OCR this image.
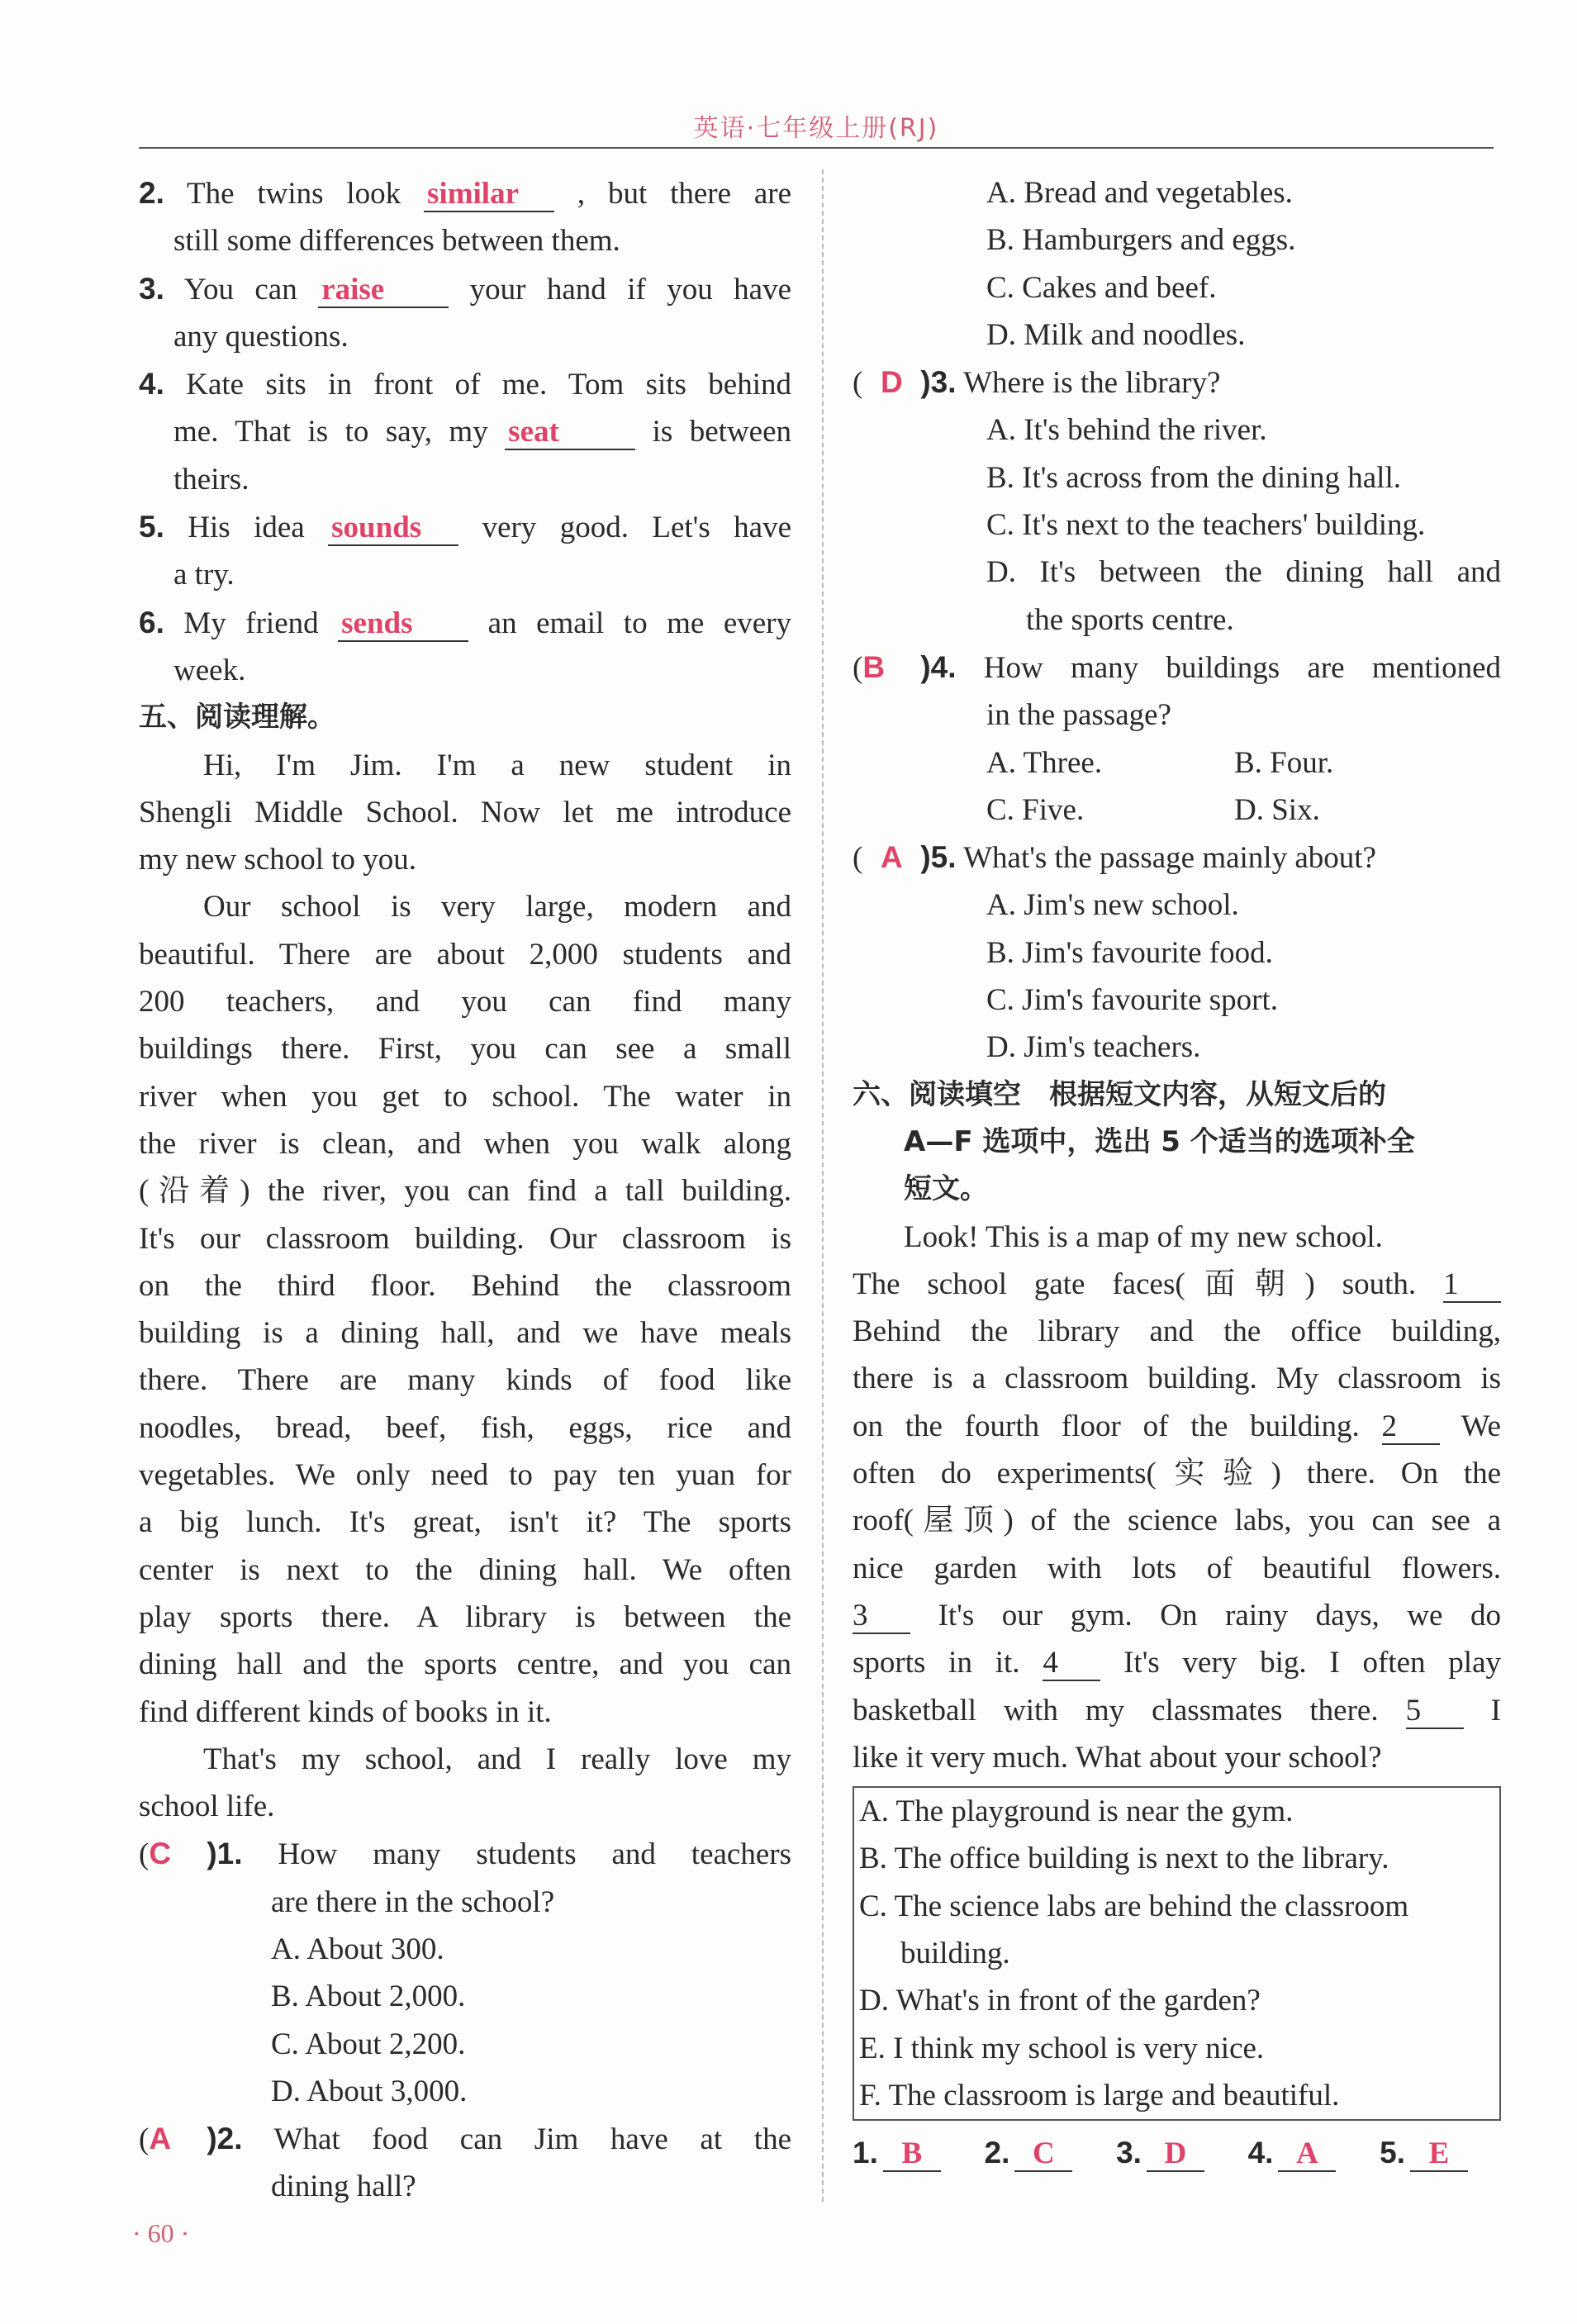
英语·七年级上册(RJ)
2. The twins look similar , but there are
still some differences between them.
3. You can raise	your hand if you have
any questions.
4. Kate sits in front of me. Tom sits behind
me. That is to say, my seat	is between
theirs.
5. His idea sounds very good. Let's have
a try.
6. My friend sends an email to me every
week.
五、阅读理解。
Hi, I'm Jim. I'm a new student in
Shengli Middle School. Now let me introduce
my new school to you.
Our school is very large, modern and
beautiful. There are about 2,000 students and
200 teachers, and you can find many
buildings there. First, you can see a small
river when you get to school. The water in
the river is clean, and when you walk along
(沿着) the river, you can find a tall building.
It's our classroom building. Our classroom is
on the third floor. Behind the classroom
building is a dining hall, and we have meals
there. There are many kinds of food like
noodles, bread, beef, fish, eggs, rice and
vegetables. We only need to pay ten yuan for
a big lunch. It's great, isn't it? The sports
center is next to the dining hall. We often
play sports there. A library is between the
dining hall and the sports centre, and you can
find different kinds of books in it.
That's my school, and I really love my
school life.
(C )1. How many students and teachers
are there in the school?
A. About 300.
B. About 2,000.
C. About 2,200.
D. About 3,000.
(A )2. What food can Jim have at the
dining hall?
A. Bread and vegetables.
B. Hamburgers and eggs.
C. Cakes and beef.
D. Milk and noodles.
( D )3. Where is the library?
A. It's behind the river.
B. It's across from the dining hall.
C. It's next to the teachers' building.
D. It's between the dining hall and
the sports centre.
(B )4. How many buildings are mentioned
in the passage?
A. Three.	B. Four.
C. Five.	D. Six.
( A )5. What's the passage mainly about?
A. Jim's new school.
B. Jim's favourite food.
C. Jim's favourite sport.
D. Jim's teachers.
六、阅读填空　根据短文内容，从短文后的
A—F 选项中，选出 5 个适当的选项补全
短文。
Look! This is a map of my new school.
The school gate faces(面朝) south. 1
Behind the library and the office building,
there is a classroom building. My classroom is
on the fourth floor of the building. 2 We
often do experiments(实验) there. On the
roof(屋顶) of the science labs, you can see a
nice garden with lots of beautiful flowers.
3 It's our gym. On rainy days, we do
sports in it. 4 It's very big. I often play
basketball with my classmates there. 5 I
like it very much. What about your school?
A. The playground is near the gym.
B. The office building is next to the library.
C. The science labs are behind the classroom
building.
D. What's in front of the garden?
E. I think my school is very nice.
F. The classroom is large and beautiful.
1. B	2. C	3. D	4. A	5. E
· 60 ·
